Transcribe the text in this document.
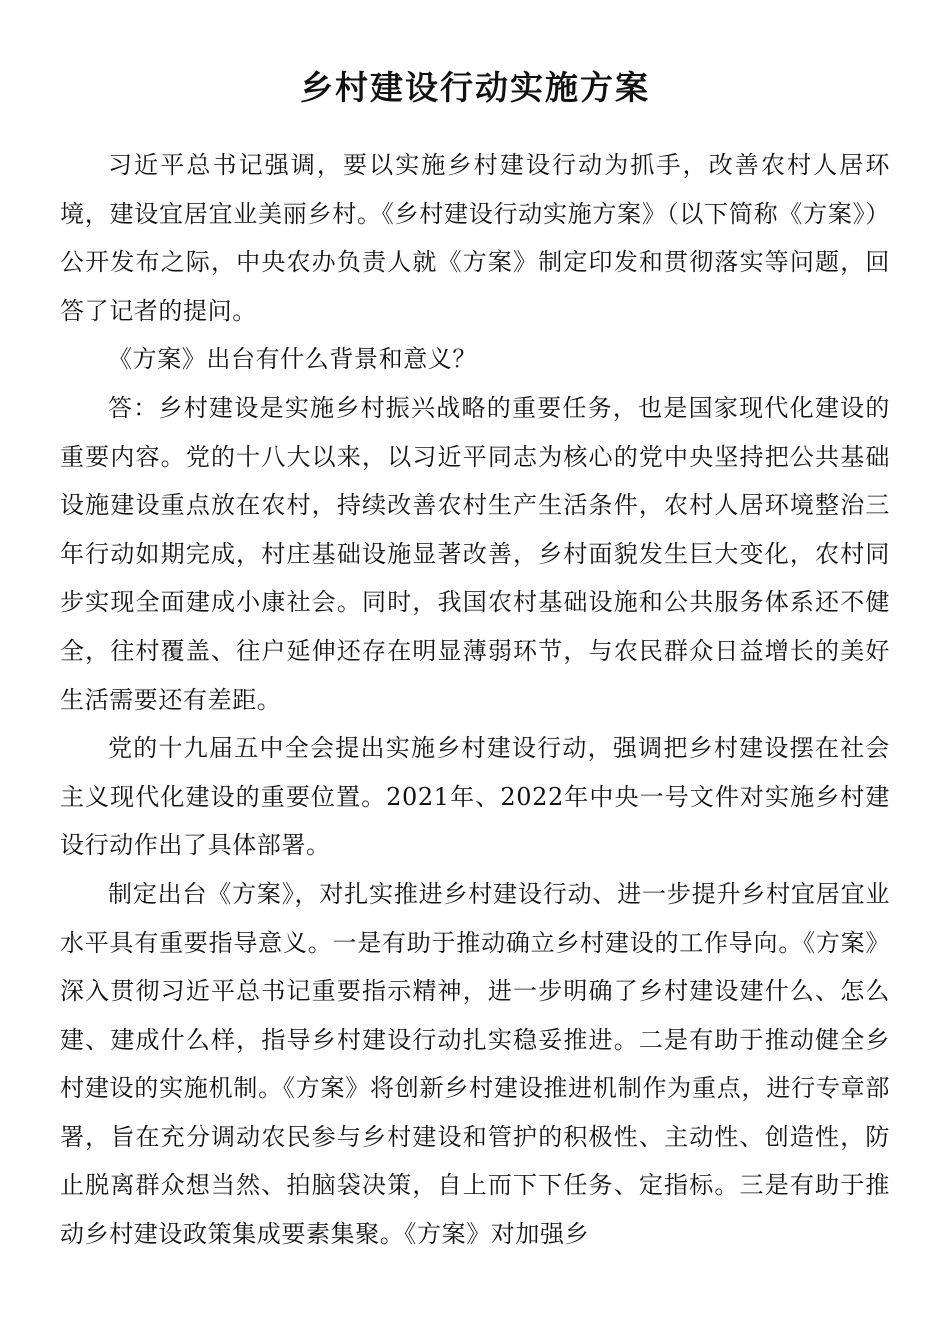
乡村建设行动实施方案

习近平总书记强调，要以实施乡村建设行动为抓手，改善农村人居环境，建设宜居宜业美丽乡村。《乡村建设行动实施方案》（以下简称《方案》）公开发布之际，中央农办负责人就《方案》制定印发和贯彻落实等问题，回答了记者的提问。

《方案》出台有什么背景和意义？

答：乡村建设是实施乡村振兴战略的重要任务，也是国家现代化建设的重要内容。党的十八大以来，以习近平同志为核心的党中央坚持把公共基础设施建设重点放在农村，持续改善农村生产生活条件，农村人居环境整治三年行动如期完成，村庄基础设施显著改善，乡村面貌发生巨大变化，农村同步实现全面建成小康社会。同时，我国农村基础设施和公共服务体系还不健全，往村覆盖、往户延伸还存在明显薄弱环节，与农民群众日益增长的美好生活需要还有差距。

党的十九届五中全会提出实施乡村建设行动，强调把乡村建设摆在社会主义现代化建设的重要位置。2021年、2022年中央一号文件对实施乡村建设行动作出了具体部署。

制定出台《方案》，对扎实推进乡村建设行动、进一步提升乡村宜居宜业水平具有重要指导意义。一是有助于推动确立乡村建设的工作导向。《方案》深入贯彻习近平总书记重要指示精神，进一步明确了乡村建设建什么、怎么建、建成什么样，指导乡村建设行动扎实稳妥推进。二是有助于推动健全乡村建设的实施机制。《方案》将创新乡村建设推进机制作为重点，进行专章部署，旨在充分调动农民参与乡村建设和管护的积极性、主动性、创造性，防止脱离群众想当然、拍脑袋决策，自上而下下任务、定指标。三是有助于推动乡村建设政策集成要素集聚。《方案》对加强乡
